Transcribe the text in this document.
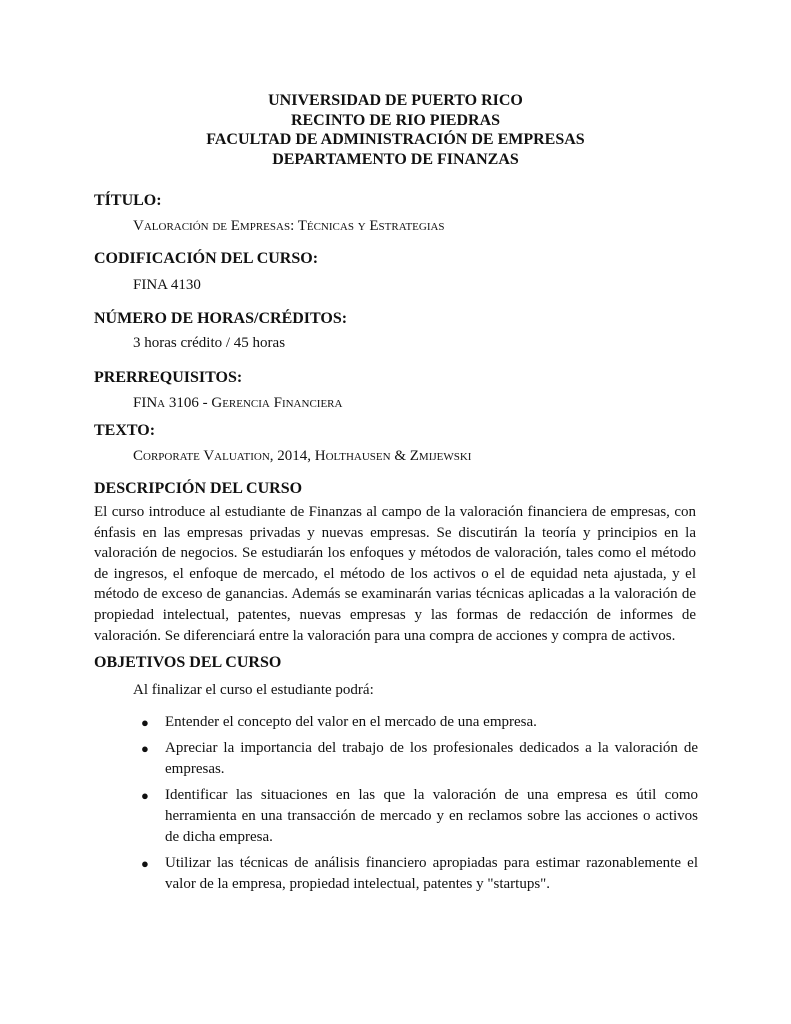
UNIVERSIDAD DE PUERTO RICO
RECINTO DE RIO PIEDRAS
FACULTAD DE ADMINISTRACIÓN DE EMPRESAS
DEPARTAMENTO DE FINANZAS
TÍTULO:
Valoración de Empresas: Técnicas y Estrategias
CODIFICACIÓN DEL CURSO:
FINA 4130
NÚMERO DE HORAS/CRÉDITOS:
3 horas crédito / 45 horas
PRERREQUISITOS:
FINa 3106 - Gerencia Financiera
TEXTO:
Corporate Valuation, 2014, Holthausen & Zmijewski
DESCRIPCIÓN DEL CURSO
El curso introduce al estudiante de Finanzas al campo de la valoración financiera de empresas, con énfasis en las empresas privadas y nuevas empresas. Se discutirán la teoría y principios en la valoración de negocios. Se estudiarán los enfoques y métodos de valoración, tales como el método de ingresos, el enfoque de mercado, el método de los activos o el de equidad neta ajustada, y el método de exceso de ganancias. Además se examinarán varias técnicas aplicadas a la valoración de propiedad intelectual, patentes, nuevas empresas y las formas de redacción de informes de valoración. Se diferenciará entre la valoración para una compra de acciones y compra de activos.
OBJETIVOS DEL CURSO
Al finalizar el curso el estudiante podrá:
● Entender el concepto del valor en el mercado de una empresa.
● Apreciar la importancia del trabajo de los profesionales dedicados a la valoración de empresas.
● Identificar las situaciones en las que la valoración de una empresa es útil como herramienta en una transacción de mercado y en reclamos sobre las acciones o activos de dicha empresa.
● Utilizar las técnicas de análisis financiero apropiadas para estimar razonablemente el valor de la empresa, propiedad intelectual, patentes y "startups".
